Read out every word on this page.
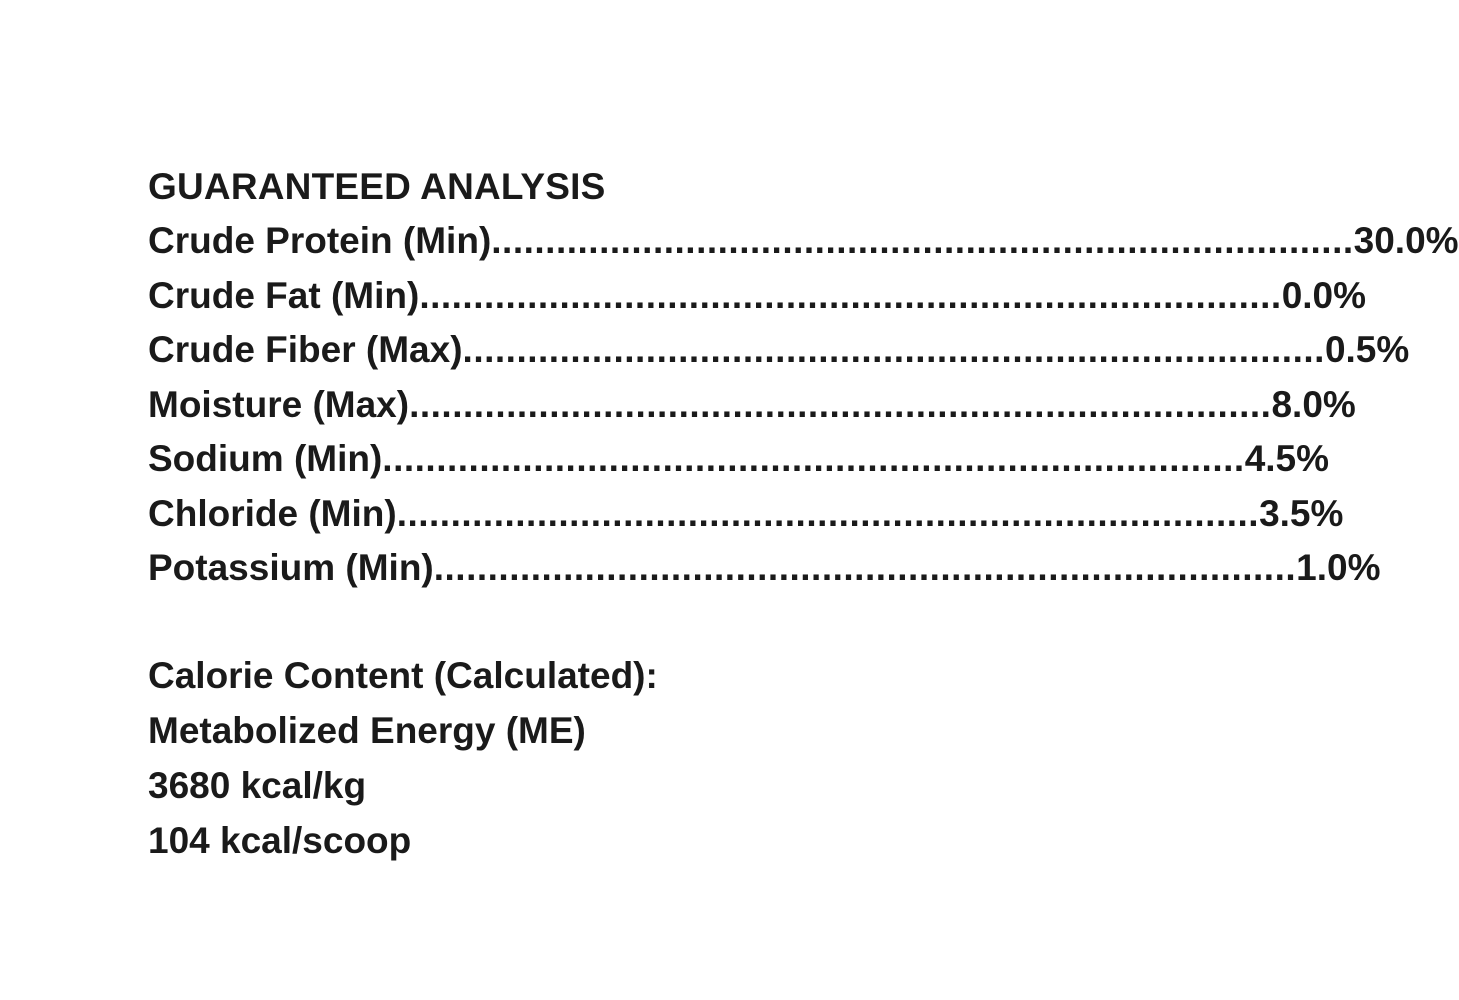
GUARANTEED ANALYSIS
Crude Protein (Min) ................................................................................ 30.0%
Crude Fat (Min) ................................................................................ 0.0%
Crude Fiber (Max) ................................................................................ 0.5%
Moisture (Max) ................................................................................ 8.0%
Sodium (Min) ................................................................................ 4.5%
Chloride (Min) ................................................................................ 3.5%
Potassium (Min) ................................................................................ 1.0%
Calorie Content (Calculated):
Metabolized Energy (ME)
3680 kcal/kg
104 kcal/scoop
